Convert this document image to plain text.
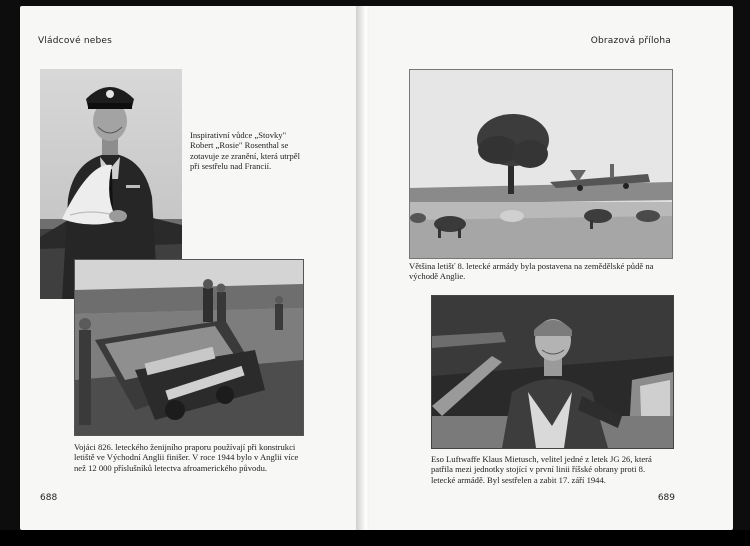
Vládcové nebes
Inspirativní vůdce „Stovky" Robert „Rosie" Rosenthal se zotavuje ze zranění, která utrpěl při sestřelu nad Francií.
Vojáci 826. leteckého ženijního praporu používají při konstrukci letiště ve Východní Anglii finišer. V roce 1944 bylo v Anglii více než 12 000 příslušníků letectva afroamerického původu.
688
Obrazová příloha
Většina letišť 8. letecké armády byla postavena na zemědělské půdě na východě Anglie.
Eso Luftwaffe Klaus Mietusch, velitel jedné z letek JG 26, která patřila mezi jednotky stojící v první linii říšské obrany proti 8. letecké armádě. Byl sestřelen a zabit 17. září 1944.
689
